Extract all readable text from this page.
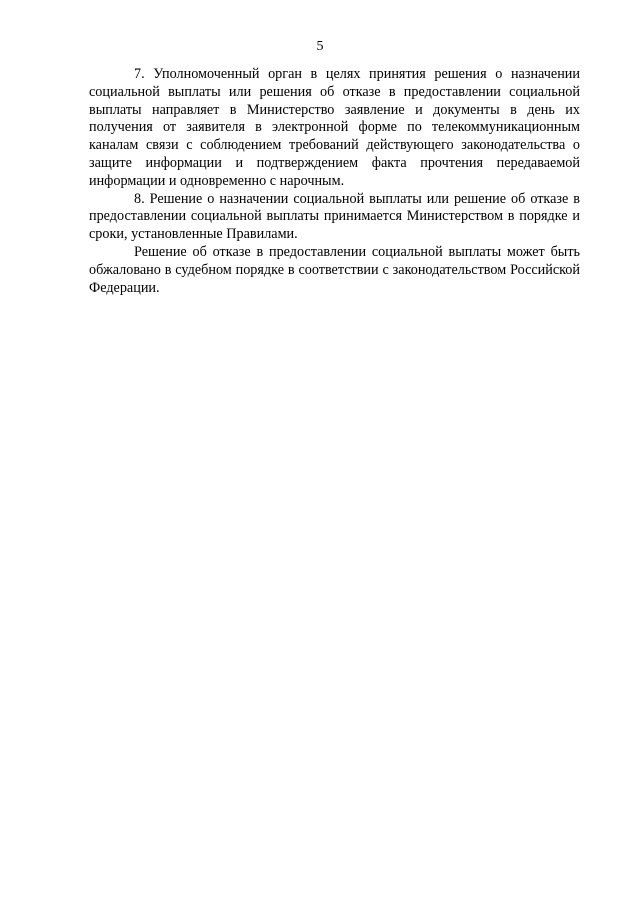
5

7. Уполномоченный орган в целях принятия решения о назначении социальной выплаты или решения об отказе в предоставлении социальной выплаты направляет в Министерство заявление и документы в день их получения от заявителя в электронной форме по телекоммуникационным каналам связи с соблюдением требований действующего законодательства о защите информации и подтверждением факта прочтения передаваемой информации и одновременно с нарочным.

8. Решение о назначении социальной выплаты или решение об отказе в предоставлении социальной выплаты принимается Министерством в порядке и сроки, установленные Правилами.

Решение об отказе в предоставлении социальной выплаты может быть обжаловано в судебном порядке в соответствии с законодательством Российской Федерации.
